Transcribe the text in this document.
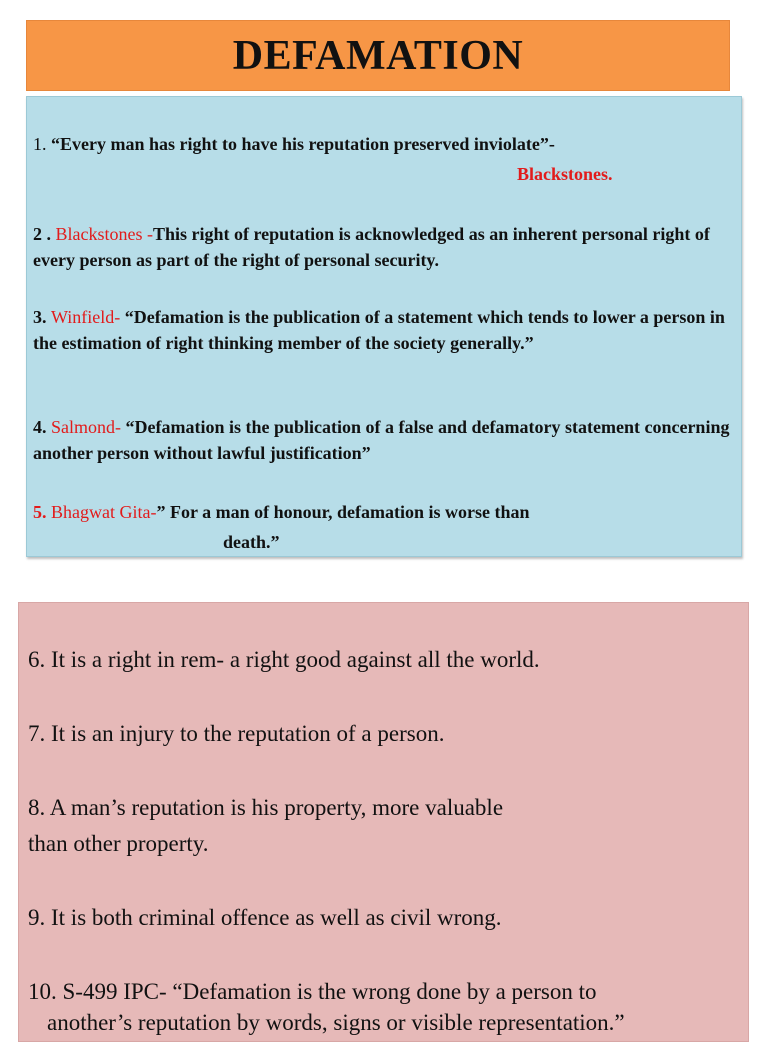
DEFAMATION
1. “Every man has right to have his reputation preserved inviolate”-
Blackstones.
2 . Blackstones -This right of reputation is acknowledged as an inherent personal right of every person as part of the right of personal security.
3. Winfield- “Defamation is the publication of a statement which tends to lower a person in the estimation of right thinking member of the society generally.”
4. Salmond- “Defamation is the publication of a false and defamatory statement concerning another person without lawful justification”
5. Bhagwat Gita-” For a man of honour, defamation is worse than
death.”

6. It is a right in rem- a right good against all the world.

7. It is an injury to the reputation of a person.

8. A man’s reputation is his property, more valuable

than other property.

9. It is both criminal offence as well as civil wrong.

10. S-499 IPC- “Defamation is the wrong done by a person to

another’s reputation by words, signs or visible representation.”
